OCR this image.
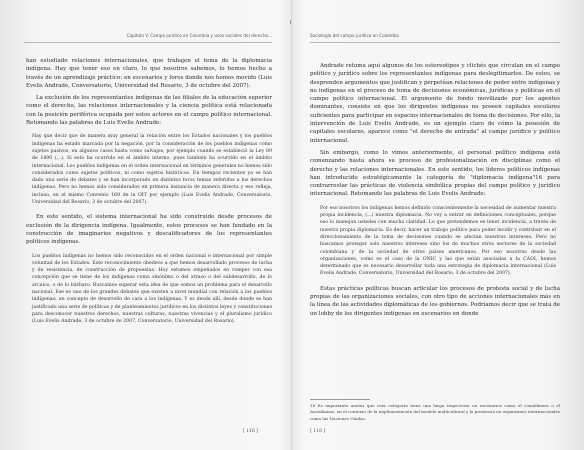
Capítulo V. Campo jurídico en Colombia y usos sociales del derecho...

han estudiado relaciones internacionales, que trabajen el tema de la diplomacia indígena. Hay que tener eso en claro, lo que nosotros sabemos, lo hemos hecho a través de un aprendizaje práctico: en escenarios y foros donde nos hemos movido (Luis Evelis Andrade, Conversatorio, Universidad del Rosario, 3 de octubre del 2007).

La exclusión de los representantes indígenas de las filiales de la educación superior como el derecho, las relaciones internacionales y la ciencia política está relacionada con la posición periférica ocupada por estos actores en el campo político internacional. Retomando las palabras de Luis Evelis Andrade:

Hay que decir que de manera muy general la relación entre los Estados nacionales y los pueblos indígenas ha estado marcada por la negación, por la consideración de los pueblos indígenas como sujetos pasivos, en algunos casos hasta como salvajes, por ejemplo cuando se estableció la Ley 89 de 1890 (...). Si esto ha ocurrido en el ámbito interno, pues también ha ocurrido en el ámbito internacional. Los pueblos indígenas en el orden internacional en términos generales no hemos sido considerados como sujetos políticos, ni como sujetos históricos. En tiempos recientes ya se han dado una serie de debates y se han incorporado en distintos foros temas referidos a los derechos indígenas. Pero no hemos sido considerados en primera instancia de manera directa y eso refleja, incluso, en el mismo Convenio 169 de la OIT por ejemplo (Luis Evelis Andrade, Conversatorio, Universidad del Rosario, 3 de octubre del 2007).

En este sentido, el sistema internacional ha sido construido desde procesos de exclusión de la dirigencia indígena. Igualmente, estos procesos se han fundado en la construcción de imaginarios negativos y descalificadores de los representantes políticos indígenas.

Los pueblos indígenas no hemos sido reconocidos en el orden nacional e internacional por simple voluntad de los Estados. Este reconocimiento obedece a que hemos desarrollado procesos de lucha y de resistencia, de construcción de propuestas. Hoy estamos empeñados en romper con esa concepción que se tiene de los indígenas como sinónimo o del atraso o del subdesarrollo, de lo arcaico, o de lo bárbaro. Buscamos superar esta idea de que somos un problema para el desarrollo nacional. Ese es uno de los grandes debates que existen a nivel mundial con relación a los pueblos indígenas: un concepto de desarrollo de cara a los indígenas. Y es desde allí, desde donde se han justificado una serie de políticas y de planteamientos jurídicos en los distintos leyes y constituciones para desconocer nuestros derechos, nuestras culturas, nuestras vivencias y el pluralismo jurídico (Luis Evelis Andrade, 3 de octubre de 2007, Conversatorio, Universidad del Rosario).
[ 116 ]
Sociología del campo jurídico en Colombia

Andrade retoma aquí algunos de los estereotipos y clichés que circulan en el campo político y jurídico sobre los representantes indígenas para deslegitimarlos. De estos, se desprenden argumentos que justifican y perpetúan relaciones de poder entre indígenas y no indígenas en el proceso de toma de decisiones económicas, jurídicas y políticas en el campo político internacional. El argumento de fondo movilizado por los agentes dominantes, consiste en que los dirigentes indígenas no poseen capitales escolares suficientes para participar en espacios internacionales de toma de decisiones. Por ello, la intervención de Luis Evelis Andrade, es un ejemplo claro de cómo la posesión de capitales escolares, aparece como "el derecho de entrada" al campo jurídico y político internacional.

Sin embargo, como lo vimos anteriormente, el personal político indígena está comenzando hasta ahora su proceso de profesionalización en disciplinas como el derecho y las relaciones internacionales. En este sentido, los líderes políticos indígenas han introducido estratégicamente la categoría de "diplomacia indígena"16 para contrarrestar las prácticas de violencia simbólica propias del campo político y jurídico internacional. Retomando las palabras de Luis Evelis Andrade:

Por eso nosotros los indígenas hemos definido conscientemente la necesidad de aumentar nuestra propia incidencia, (...) nuestra diplomacia. No voy a entrar en definiciones conceptuales, porque eso lo manejan ustedes con mucha claridad. Lo que pretendemos es tener incidencia, a través de nuestra propia diplomacia. Es decir, hacer un trabajo político para poder incidir y contribuir en el direccionamiento de la toma de decisiones cuando se afectan nuestros intereses. Pero no buscamos proteger solo nuestros intereses sino los de muchos otros sectores de la sociedad colombiana y de la sociedad de otros países americanos. Por eso nosotros desde las organizaciones, como es el caso de la ONIC y las que están asociadas a la CAOI, hemos determinado que es necesario desarrollar toda una estrategia de diplomacia internacional (Luis Evelis Andrade, Conversatorio, Universidad del Rosario, 3 de octubre del 2007).

Estas prácticas políticas buscan articular los procesos de protesta social y de lucha propias de las organizaciones sociales, con otro tipo de acciones internacionales más en la línea de las actividades diplomáticas de los gobiernos. Podríamos decir que se trata de un lobby de los dirigentes indígenas en escenarios en donde

16 Es importante anotar que esta categoría tiene una larga trayectoria en escenarios como el conaldinese o el Austalianas, en el contexto de la implementación del modelo multicultural y la presencia en organismos internacionales como las Naciones Unidas.
[ 116 ]
